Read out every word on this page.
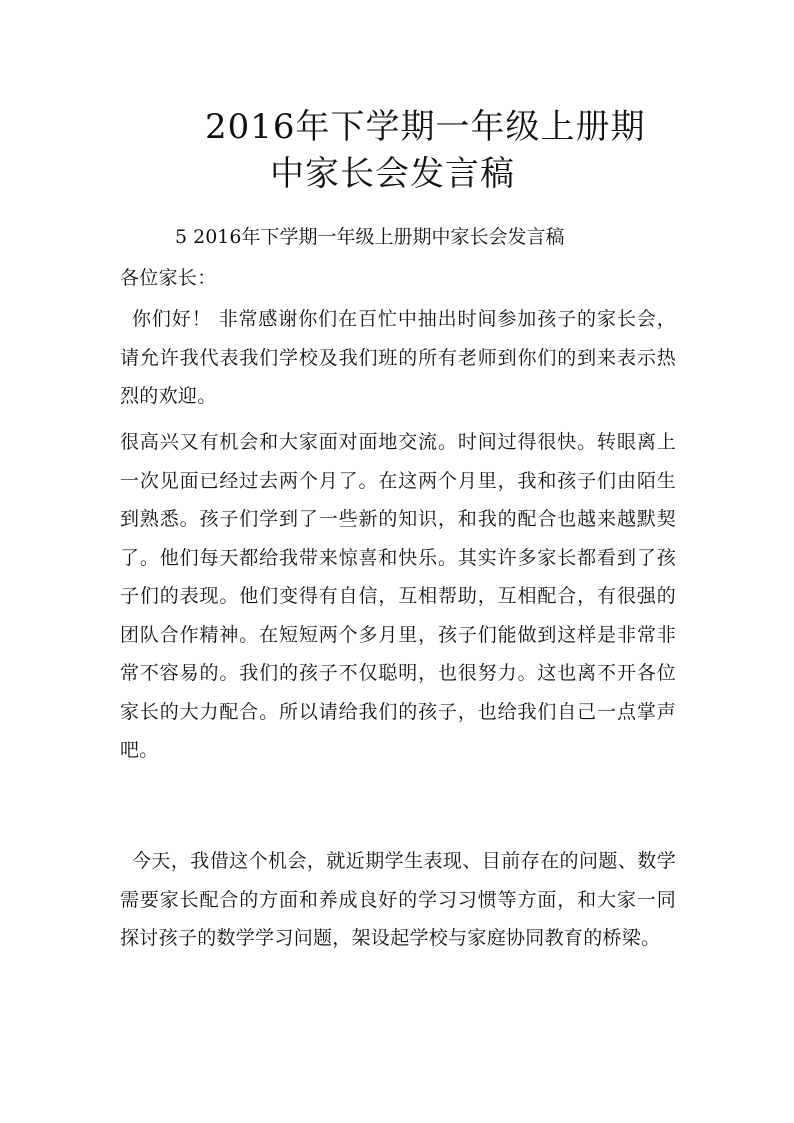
2016年下学期一年级上册期
中家长会发言稿
5 2016年下学期一年级上册期中家长会发言稿
各位家长：
你们好！ 非常感谢你们在百忙中抽出时间参加孩子的家长会，请允许我代表我们学校及我们班的所有老师到你们的到来表示热烈的欢迎。
很高兴又有机会和大家面对面地交流。时间过得很快。转眼离上一次见面已经过去两个月了。在这两个月里，我和孩子们由陌生到熟悉。孩子们学到了一些新的知识，和我的配合也越来越默契了。他们每天都给我带来惊喜和快乐。其实许多家长都看到了孩子们的表现。他们变得有自信，互相帮助，互相配合，有很强的团队合作精神。在短短两个多月里，孩子们能做到这样是非常非常不容易的。我们的孩子不仅聪明，也很努力。这也离不开各位家长的大力配合。所以请给我们的孩子，也给我们自己一点掌声吧。
今天，我借这个机会，就近期学生表现、目前存在的问题、数学需要家长配合的方面和养成良好的学习习惯等方面，和大家一同探讨孩子的数学学习问题，架设起学校与家庭协同教育的桥梁。
